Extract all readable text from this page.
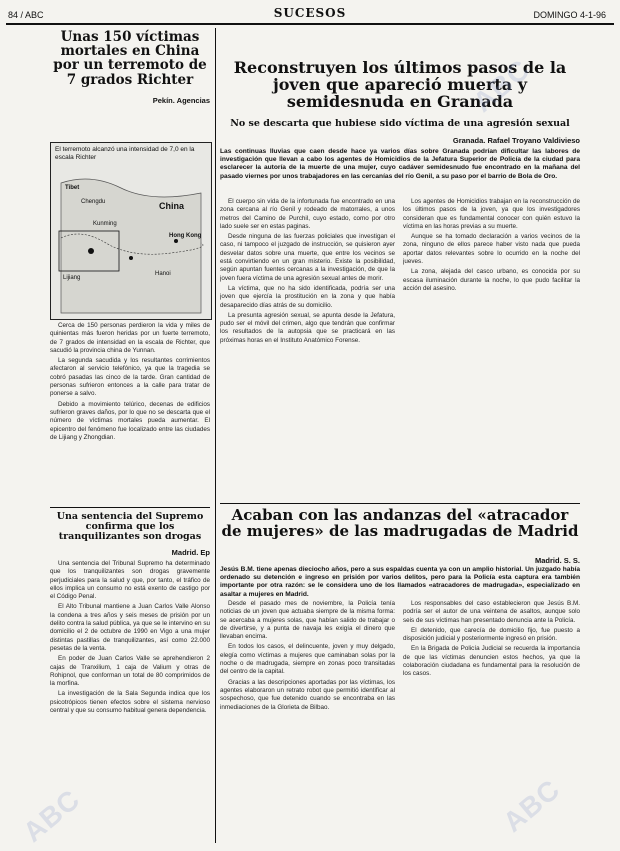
84 / ABC	SUCESOS	DOMINGO 4-1-96
Unas 150 víctimas mortales en China por un terremoto de 7 grados Richter
Pekín. Agencias
El terremoto alcanzó una intensidad de 7,0 en la escala Richter
Tibet
Chengdu	China
Kunming
Hong Kong
Hanoi
Lijiang

Cerca de 150 personas perdieron la vida y miles de quinientas más fueron heridas por un fuerte terremoto, de 7 grados de intensidad en la escala de Richter, que sacudió la provincia china de Yunnan.

La segunda sacudida y los resultantes corrimientos afectaron al servicio telefónico, ya que la tragedia se cobró pasadas las cinco de la tarde. Gran cantidad de personas sufrieron entonces a la calle para tratar de ponerse a salvo.

Debido a movimiento telúrico, decenas de edificios sufrieron graves daños, por lo que no se descarta que el número de víctimas mortales pueda aumentar. El epicentro del fenómeno fue localizado entre las ciudades de Lijiang y Zhongdian.

Una sentencia del Supremo confirma que los tranquilizantes son drogas
Madrid. Ep

Una sentencia del Tribunal Supremo ha determinado que los tranquilizantes son drogas gravemente perjudiciales para la salud y que, por tanto, el tráfico de ellos implica un consumo no está exento de castigo por el Código Penal.

El Alto Tribunal mantiene a Juan Carlos Valle Alonso la condena a tres años y seis meses de prisión por un delito contra la salud pública, ya que se le intervino en su domicilio el 2 de octubre de 1990 en Vigo a una mujer distintas pastillas de tranquilizantes, así como 22.000 pesetas de la venta.

En poder de Juan Carlos Valle se aprehendieron 2 cajas de Tranxilium, 1 caja de Valium y otras de Rohipnol, que conforman un total de 80 comprimidos de la morfina.

La investigación de la Sala Segunda indica que los psicotrópicos tienen efectos sobre el sistema nervioso central y que su consumo habitual genera dependencia.

Reconstruyen los últimos pasos de la joven que apareció muerta y semidesnuda en Granada
No se descarta que hubiese sido víctima de una agresión sexual
Granada. Rafael Troyano Valdivieso
Las continuas lluvias que caen desde hace ya varios días sobre Granada podrían dificultar las labores de investigación que llevan a cabo los agentes de Homicidios de la Jefatura Superior de Policía de la ciudad para esclarecer la autoría de la muerte de una mujer, cuyo cadáver semidesnudo fue encontrado en la mañana del pasado viernes por unos trabajadores en las cercanías del río Genil, a su paso por el barrio de Bola de Oro.

El cuerpo sin vida de la infortunada fue encontrado en una zona cercana al río Genil y rodeado de matorrales, a unos metros del Camino de Purchil, cuyo estado, como por otro lado suele ser en estas paginas.

Desde ninguna de las fuerzas policiales que investigan el caso, ni tampoco el juzgado de instrucción, se quisieron ayer desvelar datos sobre una muerte, que entre los vecinos se está convirtiendo en un gran misterio. Existe la posibilidad, según apuntan fuentes cercanas a la investigación, de que la joven fuera víctima de una agresión sexual antes de morir.

La víctima, que no ha sido identificada, podría ser una joven que ejercía la prostitución en la zona y que había desaparecido días atrás de su domicilio.

La presunta agresión sexual, se apunta desde la Jefatura, pudo ser el móvil del crimen, algo que tendrán que confirmar los resultados de la autopsia que se practicará en las próximas horas en el Instituto Anatómico Forense.

Los agentes de Homicidios trabajan en la reconstrucción de los últimos pasos de la joven, ya que los investigadores consideran que es fundamental conocer con quién estuvo la víctima en las horas previas a su muerte.

Aunque se ha tomado declaración a varios vecinos de la zona, ninguno de ellos parece haber visto nada que pueda aportar datos relevantes sobre lo ocurrido en la noche del jueves.

La zona, alejada del casco urbano, es conocida por su escasa iluminación durante la noche, lo que pudo facilitar la acción del asesino.

Acaban con las andanzas del «atracador de mujeres» de las madrugadas de Madrid
Madrid. S. S.
Jesús B.M. tiene apenas dieciocho años, pero a sus espaldas cuenta ya con un amplio historial. Un juzgado había ordenado su detención e ingreso en prisión por varios delitos, pero para la Policía esta captura era también importante por otra razón: se le considera uno de los llamados «atracadores de madrugada», especializado en asaltar a mujeres en Madrid.

Desde el pasado mes de noviembre, la Policía tenía noticias de un joven que actuaba siempre de la misma forma: se acercaba a mujeres solas, que habían salido de trabajar o de divertirse, y a punta de navaja les exigía el dinero que llevaban encima.

En todos los casos, el delincuente, joven y muy delgado, elegía como víctimas a mujeres que caminaban solas por la noche o de madrugada, siempre en zonas poco transitadas del centro de la capital.

Gracias a las descripciones aportadas por las víctimas, los agentes elaboraron un retrato robot que permitió identificar al sospechoso, que fue detenido cuando se encontraba en las inmediaciones de la Glorieta de Bilbao.

Los responsables del caso establecieron que Jesús B.M. podría ser el autor de una veintena de asaltos, aunque solo seis de sus víctimas han presentado denuncia ante la Policía.

El detenido, que carecía de domicilio fijo, fue puesto a disposición judicial y posteriormente ingresó en prisión.

En la Brigada de Policía Judicial se recuerda la importancia de que las víctimas denuncien estos hechos, ya que la colaboración ciudadana es fundamental para la resolución de los casos.

ABC
ABC
ABC
